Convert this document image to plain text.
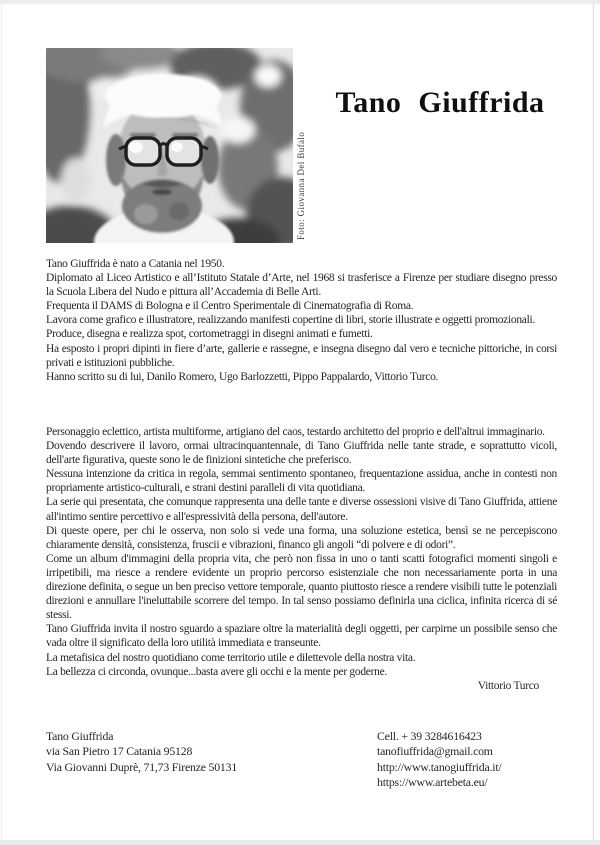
Foto: Giovanna Del Bufalo
Tano Giuffrida

Tano Giuffrida è nato a Catania nel 1950.

Diplomato al Liceo Artistico e all’Istituto Statale d’Arte, nel 1968 si trasferisce a Firenze per studiare disegno presso la Scuola Libera del Nudo e pittura all’Accademia di Belle Arti.

Frequenta il DAMS di Bologna e il Centro Sperimentale di Cinematografia di Roma.

Lavora come grafico e illustratore, realizzando manifesti copertine di libri, storie illustrate e oggetti promozionali.

Produce, disegna e realizza spot, cortometraggi in disegni animati e fumetti.

Ha esposto i propri dipinti in fiere d’arte, gallerie e rassegne, e insegna disegno dal vero e tecniche pittoriche, in corsi privati e istituzioni pubbliche.

Hanno scritto su di lui, Danilo Romero, Ugo Barlozzetti, Pippo Pappalardo, Vittorio Turco.

Personaggio eclettico, artista multiforme, artigiano del caos, testardo architetto del proprio e dell'altrui immaginario.

Dovendo descrivere il lavoro, ormai ultracinquantennale, di Tano Giuffrida nelle tante strade, e soprattutto vicoli, dell'arte figurativa, queste sono le de finizioni sintetiche che preferisco.

Nessuna intenzione da critica in regola, semmai sentimento spontaneo, frequentazione assidua, anche in contesti non propriamente artistico-culturali, e strani destini paralleli di vita quotidiana.

La serie qui presentata, che comunque rappresenta una delle tante e diverse ossessioni visive di Tano Giuffrida, attiene all'intimo sentire percettivo e all'espressività della persona, dell'autore.

Di queste opere, per chi le osserva, non solo si vede una forma, una soluzione estetica, bensì se ne percepiscono chiaramente densità, consistenza, fruscii e vibrazioni, financo gli angoli “di polvere e di odori”.

Come un album d'immagini della propria vita, che però non fissa in uno o tanti scatti fotografici momenti singoli e irripetibili, ma riesce a rendere evidente un proprio percorso esistenziale che non necessariamente porta in una direzione definita, o segue un ben preciso vettore temporale, quanto piuttosto riesce a rendere visibili tutte le potenziali direzioni e annullare l'ineluttabile scorrere del tempo. In tal senso possiamo definirla una ciclica, infinita ricerca di sé stessi.

Tano Giuffrida invita il nostro sguardo a spaziare oltre la materialità degli oggetti, per carpirne un possibile senso che vada oltre il significato della loro utilità immediata e transeunte.

La metafisica del nostro quotidiano come territorio utile e dilettevole della nostra vita.

La bellezza ci circonda, ovunque...basta avere gli occhi e la mente per goderne.

Vittorio Turco

Tano Giuffrida
via San Pietro 17 Catania 95128
Via Giovanni Duprè, 71,73 Firenze 50131
Cell. + 39 3284616423
tanofiuffrida@gmail.com
http://www.tanogiuffrida.it/
https://www.artebeta.eu/
